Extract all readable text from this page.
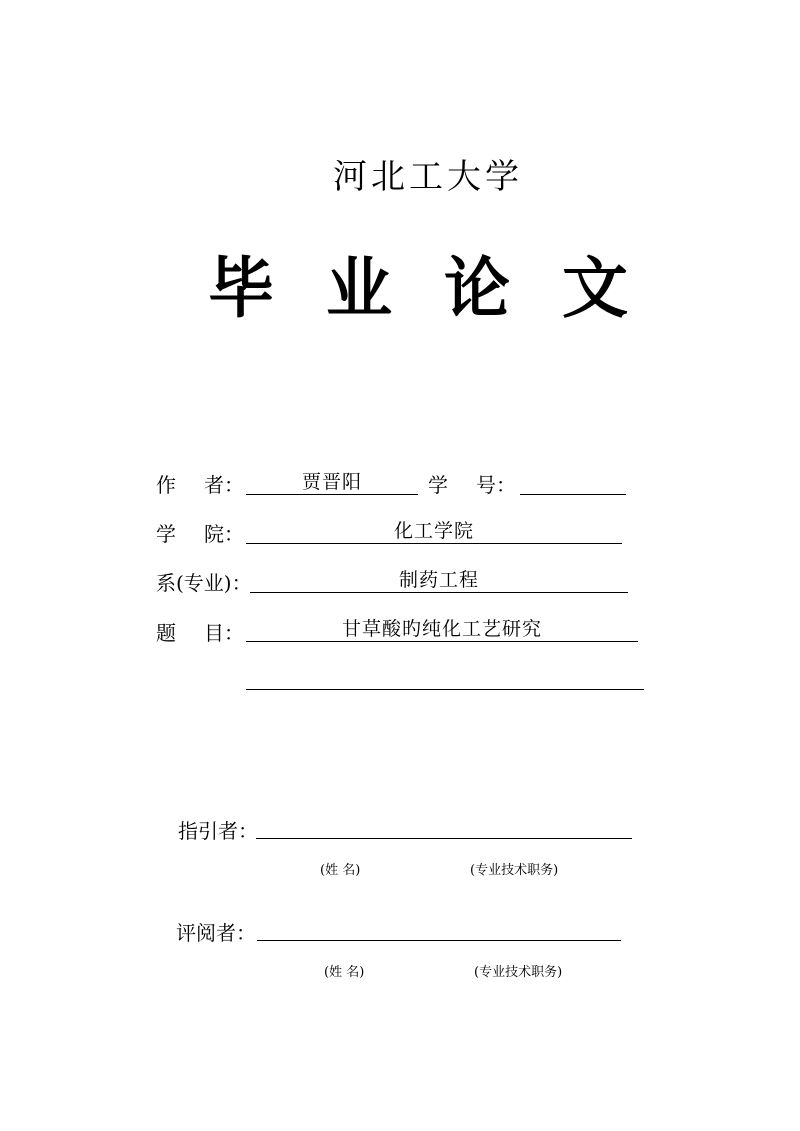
河北工大学
毕 业 论 文
作者：	贾晋阳	学号：
学院：	化工学院
系(专业)：	制药工程
题目：	甘草酸旳纯化工艺研究
指引者：
(姓 名)	(专业技术职务)
评阅者：
(姓 名)	(专业技术职务)
